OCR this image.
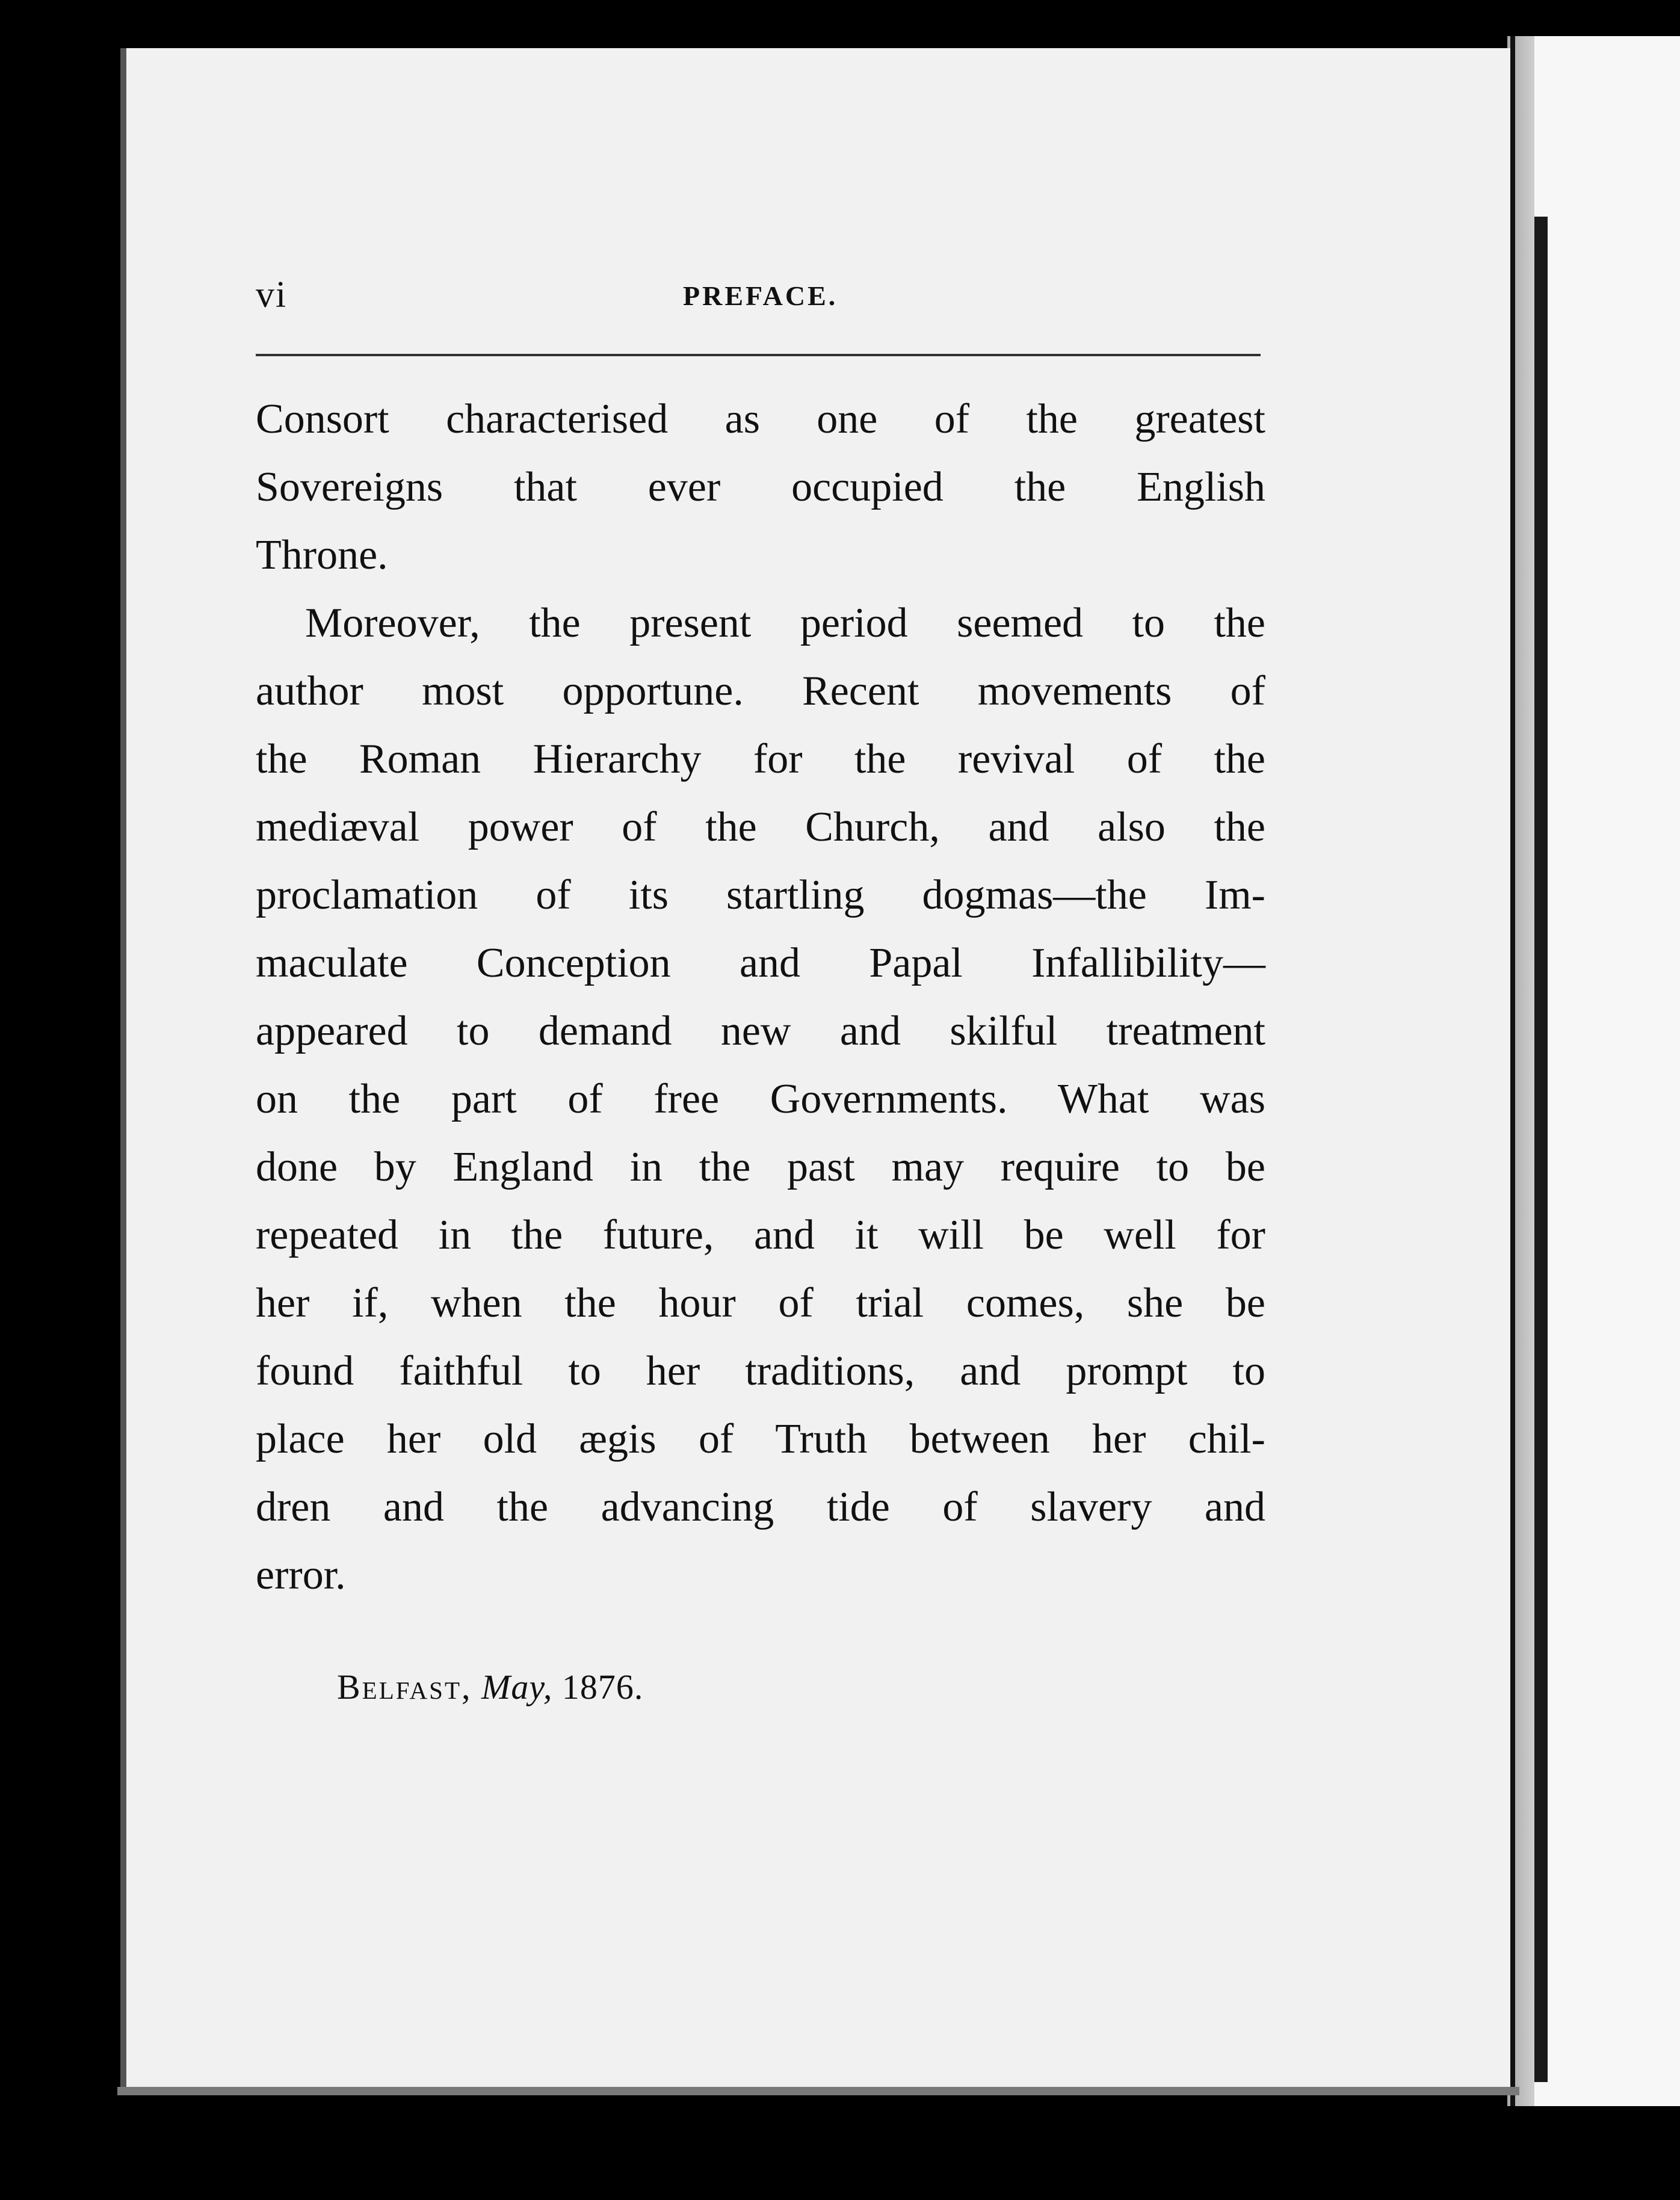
vi	PREFACE.
Consort characterised as one of the greatest
Sovereigns that ever occupied the English
Throne.
Moreover, the present period seemed to the
author most opportune. Recent movements of
the Roman Hierarchy for the revival of the
mediæval power of the Church, and also the
proclamation of its startling dogmas—the Im-
maculate Conception and Papal Infallibility—
appeared to demand new and skilful treatment
on the part of free Governments. What was
done by England in the past may require to be
repeated in the future, and it will be well for
her if, when the hour of trial comes, she be
found faithful to her traditions, and prompt to
place her old ægis of Truth between her chil-
dren and the advancing tide of slavery and
error.
Belfast, May, 1876.
